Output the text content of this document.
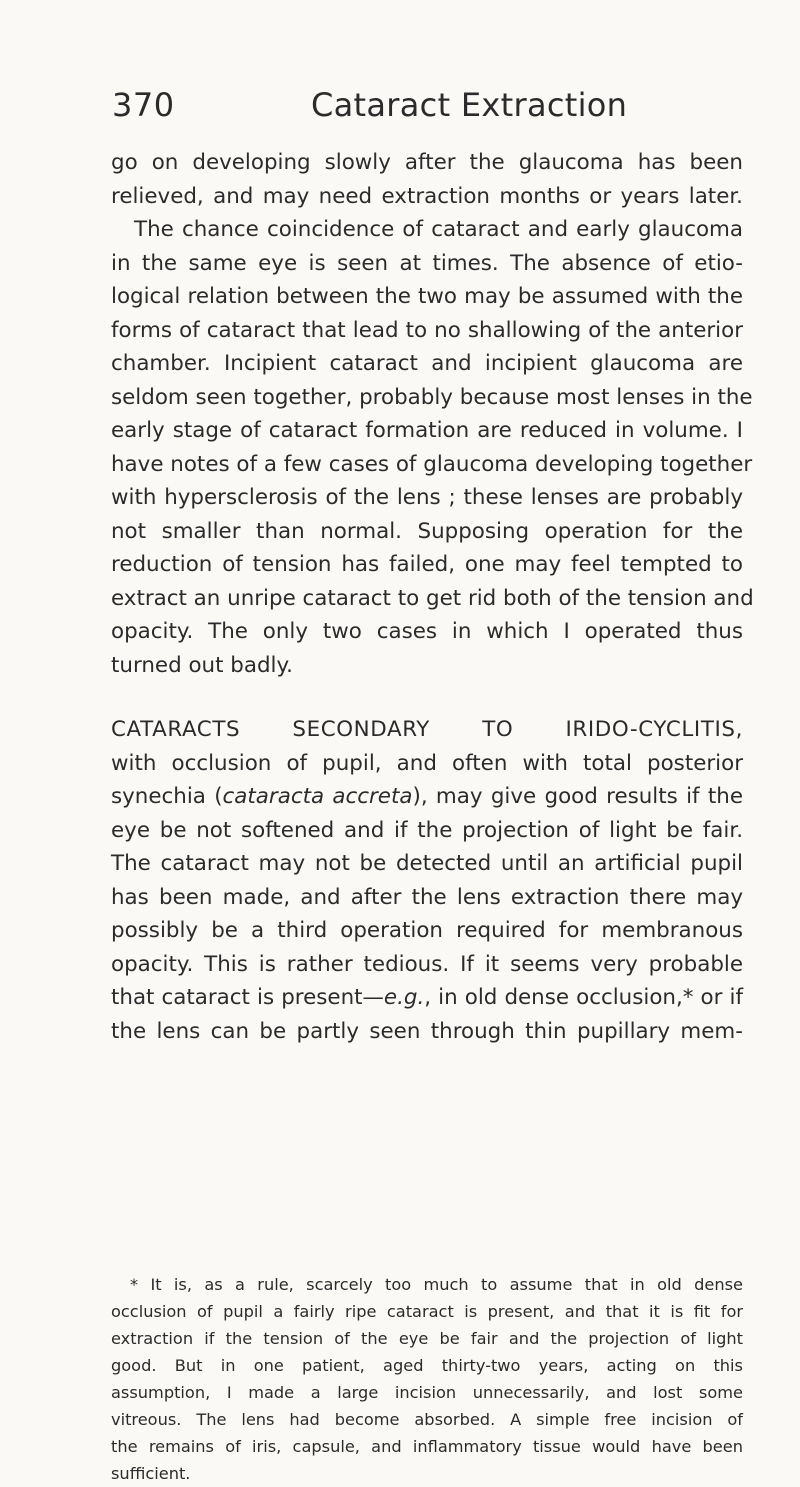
370	Cataract Extraction
go on developing slowly after the glaucoma has been
relieved, and may need extraction months or years later.
The chance coincidence of cataract and early glaucoma
in the same eye is seen at times. The absence of etio-
logical relation between the two may be assumed with the
forms of cataract that lead to no shallowing of the anterior
chamber. Incipient cataract and incipient glaucoma are
seldom seen together, probably because most lenses in the
early stage of cataract formation are reduced in volume. I
have notes of a few cases of glaucoma developing together
with hypersclerosis of the lens ; these lenses are probably
not smaller than normal. Supposing operation for the
reduction of tension has failed, one may feel tempted to
extract an unripe cataract to get rid both of the tension and
opacity. The only two cases in which I operated thus
turned out badly.
CATARACTS SECONDARY TO IRIDO-CYCLITIS,
with occlusion of pupil, and often with total posterior
synechia (cataracta accreta), may give good results if the
eye be not softened and if the projection of light be fair.
The cataract may not be detected until an artificial pupil
has been made, and after the lens extraction there may
possibly be a third operation required for membranous
opacity. This is rather tedious. If it seems very probable
that cataract is present—e.g., in old dense occlusion,* or if
the lens can be partly seen through thin pupillary mem-
* It is, as a rule, scarcely too much to assume that in old dense
occlusion of pupil a fairly ripe cataract is present, and that it is fit for
extraction if the tension of the eye be fair and the projection of light
good. But in one patient, aged thirty-two years, acting on this
assumption, I made a large incision unnecessarily, and lost some
vitreous. The lens had become absorbed. A simple free incision of
the remains of iris, capsule, and inflammatory tissue would have been
sufficient.
